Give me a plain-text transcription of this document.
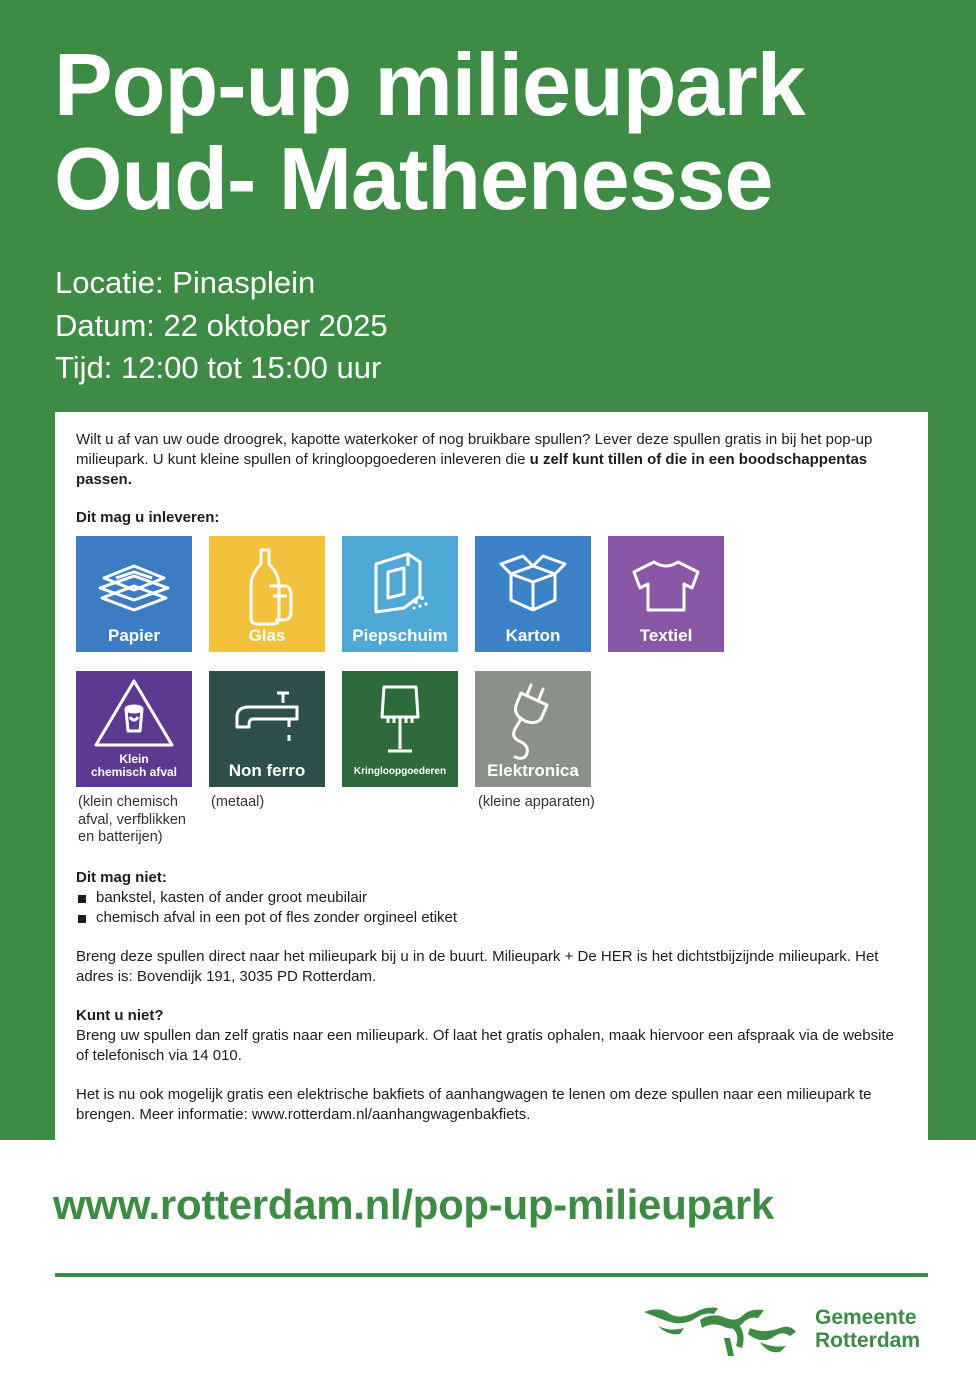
Pop-up milieupark
Oud- Mathenesse
Locatie: Pinasplein
Datum: 22 oktober 2025
Tijd: 12:00 tot 15:00 uur

Wilt u af van uw oude droogrek, kapotte waterkoker of nog bruikbare spullen? Lever deze spullen gratis in bij het pop-up milieupark. U kunt kleine spullen of kringloopgoederen inleveren die u zelf kunt tillen of die in een boodschappentas passen.

Dit mag u inleveren:

Papier	Glas	Piepschuim	Karton	Textiel
Klein chemisch afval	Non ferro	Kringloopgoederen	Elektronica
(klein chemisch afval, verfblikken en batterijen)
(metaal)	(kleine apparaten)

Dit mag niet:

bankstel, kasten of ander groot meubilair
chemisch afval in een pot of fles zonder orgineel etiket

Breng deze spullen direct naar het milieupark bij u in de buurt. Milieupark + De HER is het dichtstbijzijnde milieupark. Het adres is: Bovendijk 191, 3035 PD Rotterdam.

Kunt u niet?

Breng uw spullen dan zelf gratis naar een milieupark. Of laat het gratis ophalen, maak hiervoor een afspraak via de website of telefonisch via 14 010.

Het is nu ook mogelijk gratis een elektrische bakfiets of aanhangwagen te lenen om deze spullen naar een milieupark te brengen. Meer informatie: www.rotterdam.nl/aanhangwagenbakfiets.

www.rotterdam.nl/pop-up-milieupark
Gemeente
Rotterdam
